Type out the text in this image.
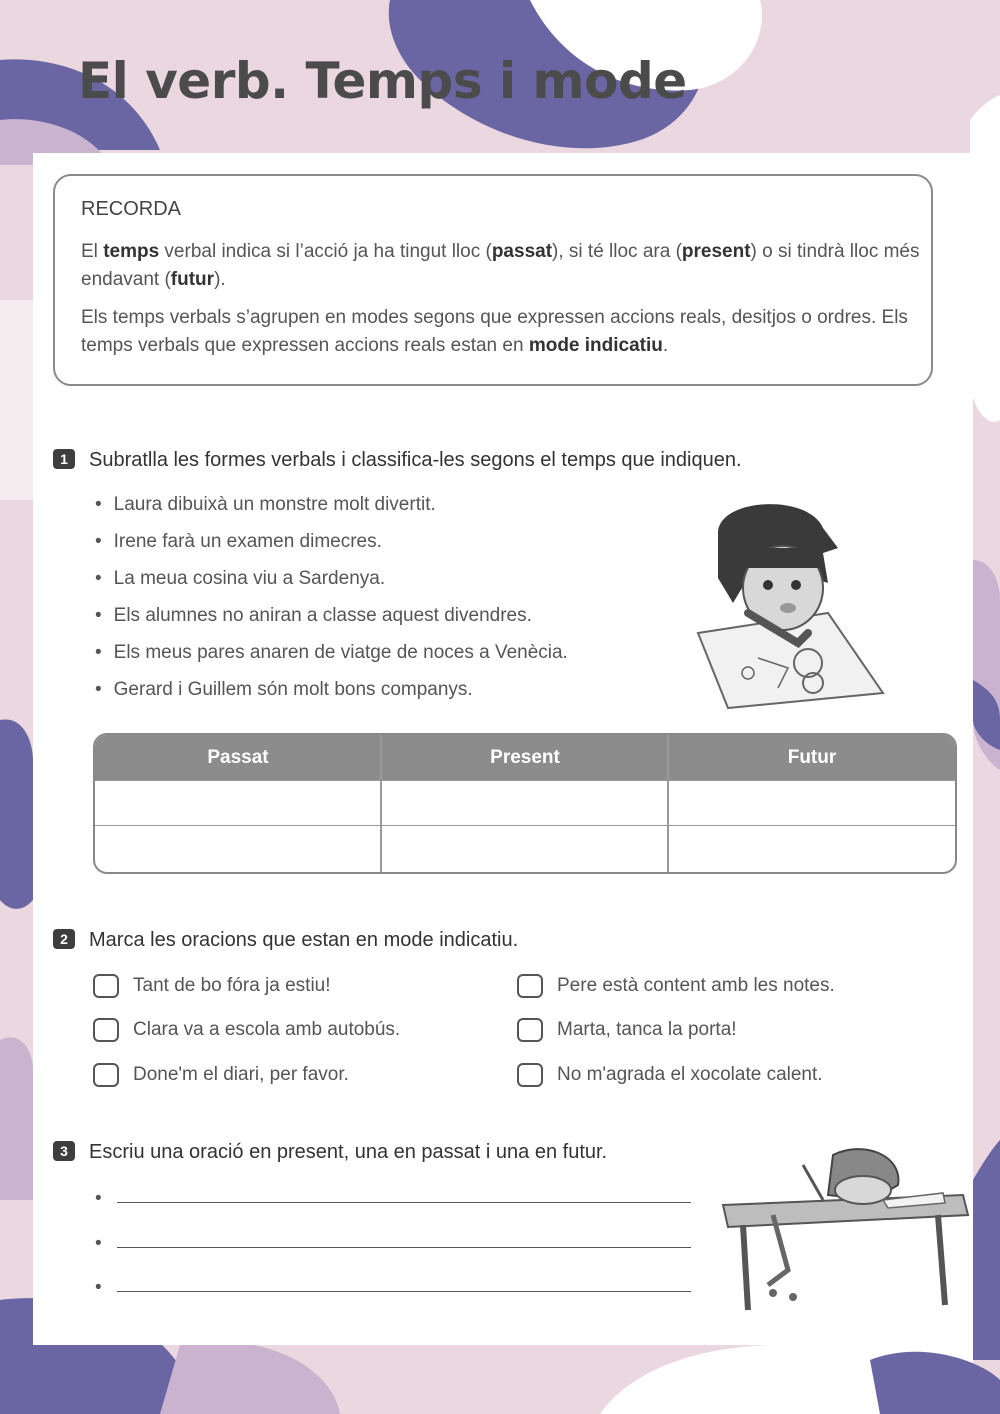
El verb. Temps i mode
RECORDA

El temps verbal indica si l’acció ja ha tingut lloc (passat), si té lloc ara (present) o si tindrà lloc més endavant (futur).

Els temps verbals s’agrupen en modes segons que expressen accions reals, desitjos o ordres. Els temps verbals que expressen accions reals estan en mode indicatiu.

1 Subratlla les formes verbals i classifica-les segons el temps que indiquen.
• Laura dibuixà un monstre molt divertit.
• Irene farà un examen dimecres.
• La meua cosina viu a Sardenya.
• Els alumnes no aniran a classe aquest divendres.
• Els meus pares anaren de viatge de noces a Venècia.
• Gerard i Guillem són molt bons companys.
Passat	Present	Futur
2 Marca les oracions que estan en mode indicatiu.
Tant de bo fóra ja estiu!
Clara va a escola amb autobús.
Done'm el diari, per favor.
Pere està content amb les notes.
Marta, tanca la porta!
No m'agrada el xocolate calent.
3 Escriu una oració en present, una en passat i una en futur.
•
•
•
